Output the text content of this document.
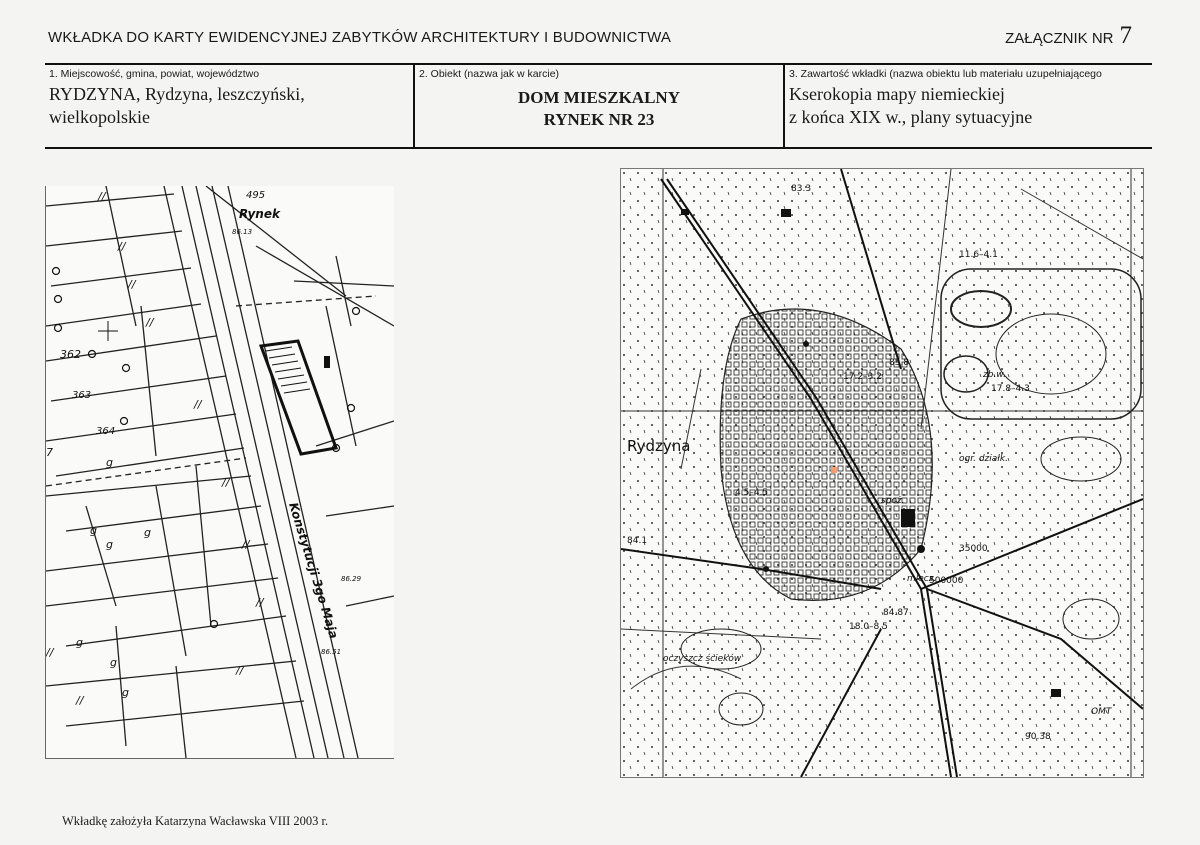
WKŁADKA DO KARTY EWIDENCYJNEJ ZABYTKÓW ARCHITEKTURY I BUDOWNICTWA	ZAŁĄCZNIK NR 7
1. Miejscowość, gmina, powiat, województwo
RYDZYNA, Rydzyna, leszczyński,
wielkopolskie
2. Obiekt (nazwa jak w karcie)
DOM MIESZKALNY
RYNEK NR 23
3. Zawartość wkładki (nazwa obiektu lub materiału uzupełniającego
Kserokopia mapy niemieckiej
z końca XIX w., plany sytuacyjne
//
//
//
//
//
//
//
//
//
g
g
g
g
g
g
//
g
//
7
495
Rynek
86.13
362
363
364
86.29
86.51
Konstytucji 3go Maja
Rydzyna
ogr. działk.
spoż.
mlecz.
oczyszcz ścieków
OMT
zb.w.
83.3
85.8
84.1
84.87
90.38
17.2–3.2
17.8–4.3
18.0–8.5
4.5–4.5
35000
500000
11.6–4.1
Wkładkę założyła Katarzyna Wacławska VIII 2003 r.
